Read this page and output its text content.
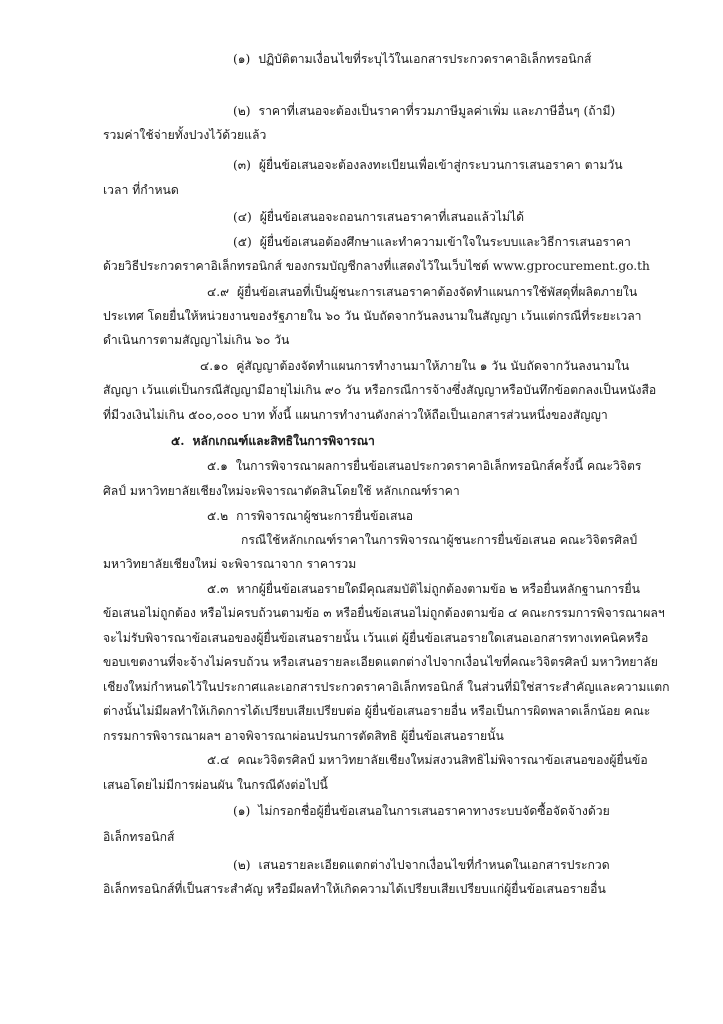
(๑) ปฏิบัติตามเงื่อนไขที่ระบุไว้ในเอกสารประกวดราคาอิเล็กทรอนิกส์
(๒) ราคาที่เสนอจะต้องเป็นราคาที่รวมภาษีมูลค่าเพิ่ม และภาษีอื่นๆ (ถ้ามี)
รวมค่าใช้จ่ายทั้งปวงไว้ด้วยแล้ว
(๓) ผู้ยื่นข้อเสนอจะต้องลงทะเบียนเพื่อเข้าสู่กระบวนการเสนอราคา ตามวัน
เวลา ที่กำหนด
(๔) ผู้ยื่นข้อเสนอจะถอนการเสนอราคาที่เสนอแล้วไม่ได้
(๕) ผู้ยื่นข้อเสนอต้องศึกษาและทำความเข้าใจในระบบและวิธีการเสนอราคา
ด้วยวิธีประกวดราคาอิเล็กทรอนิกส์ ของกรมบัญชีกลางที่แสดงไว้ในเว็บไซต์ www.gprocurement.go.th
๔.๙ ผู้ยื่นข้อเสนอที่เป็นผู้ชนะการเสนอราคาต้องจัดทำแผนการใช้พัสดุที่ผลิตภายใน
ประเทศ โดยยื่นให้หน่วยงานของรัฐภายใน ๖๐ วัน นับถัดจากวันลงนามในสัญญา เว้นแต่กรณีที่ระยะเวลา
ดำเนินการตามสัญญาไม่เกิน ๖๐ วัน
๔.๑๐ คู่สัญญาต้องจัดทำแผนการทำงานมาให้ภายใน ๑ วัน นับถัดจากวันลงนามใน
สัญญา เว้นแต่เป็นกรณีสัญญามีอายุไม่เกิน ๙๐ วัน หรือกรณีการจ้างซึ่งสัญญาหรือบันทึกข้อตกลงเป็นหนังสือ
ที่มีวงเงินไม่เกิน ๕๐๐,๐๐๐ บาท ทั้งนี้ แผนการทำงานดังกล่าวให้ถือเป็นเอกสารส่วนหนึ่งของสัญญา
๕. หลักเกณฑ์และสิทธิในการพิจารณา
๕.๑ ในการพิจารณาผลการยื่นข้อเสนอประกวดราคาอิเล็กทรอนิกส์ครั้งนี้ คณะวิจิตร
ศิลป์ มหาวิทยาลัยเชียงใหม่จะพิจารณาตัดสินโดยใช้ หลักเกณฑ์ราคา
๕.๒ การพิจารณาผู้ชนะการยื่นข้อเสนอ
กรณีใช้หลักเกณฑ์ราคาในการพิจารณาผู้ชนะการยื่นข้อเสนอ คณะวิจิตรศิลป์
มหาวิทยาลัยเชียงใหม่ จะพิจารณาจาก ราคารวม
๕.๓ หากผู้ยื่นข้อเสนอรายใดมีคุณสมบัติไม่ถูกต้องตามข้อ ๒ หรือยื่นหลักฐานการยื่น
ข้อเสนอไม่ถูกต้อง หรือไม่ครบถ้วนตามข้อ ๓ หรือยื่นข้อเสนอไม่ถูกต้องตามข้อ ๔ คณะกรรมการพิจารณาผลฯ
จะไม่รับพิจารณาข้อเสนอของผู้ยื่นข้อเสนอรายนั้น เว้นแต่ ผู้ยื่นข้อเสนอรายใดเสนอเอกสารทางเทคนิคหรือ
ขอบเขตงานที่จะจ้างไม่ครบถ้วน หรือเสนอรายละเอียดแตกต่างไปจากเงื่อนไขที่คณะวิจิตรศิลป์ มหาวิทยาลัย
เชียงใหม่กำหนดไว้ในประกาศและเอกสารประกวดราคาอิเล็กทรอนิกส์ ในส่วนที่มิใช่สาระสำคัญและความแตก
ต่างนั้นไม่มีผลทำให้เกิดการได้เปรียบเสียเปรียบต่อ ผู้ยื่นข้อเสนอรายอื่น หรือเป็นการผิดพลาดเล็กน้อย คณะ
กรรมการพิจารณาผลฯ อาจพิจารณาผ่อนปรนการตัดสิทธิ ผู้ยื่นข้อเสนอรายนั้น
๕.๔ คณะวิจิตรศิลป์ มหาวิทยาลัยเชียงใหม่สงวนสิทธิไม่พิจารณาข้อเสนอของผู้ยื่นข้อ
เสนอโดยไม่มีการผ่อนผัน ในกรณีดังต่อไปนี้
(๑) ไม่กรอกชื่อผู้ยื่นข้อเสนอในการเสนอราคาทางระบบจัดซื้อจัดจ้างด้วย
อิเล็กทรอนิกส์
(๒) เสนอรายละเอียดแตกต่างไปจากเงื่อนไขที่กำหนดในเอกสารประกวด
อิเล็กทรอนิกส์ที่เป็นสาระสำคัญ หรือมีผลทำให้เกิดความได้เปรียบเสียเปรียบแก่ผู้ยื่นข้อเสนอรายอื่น
